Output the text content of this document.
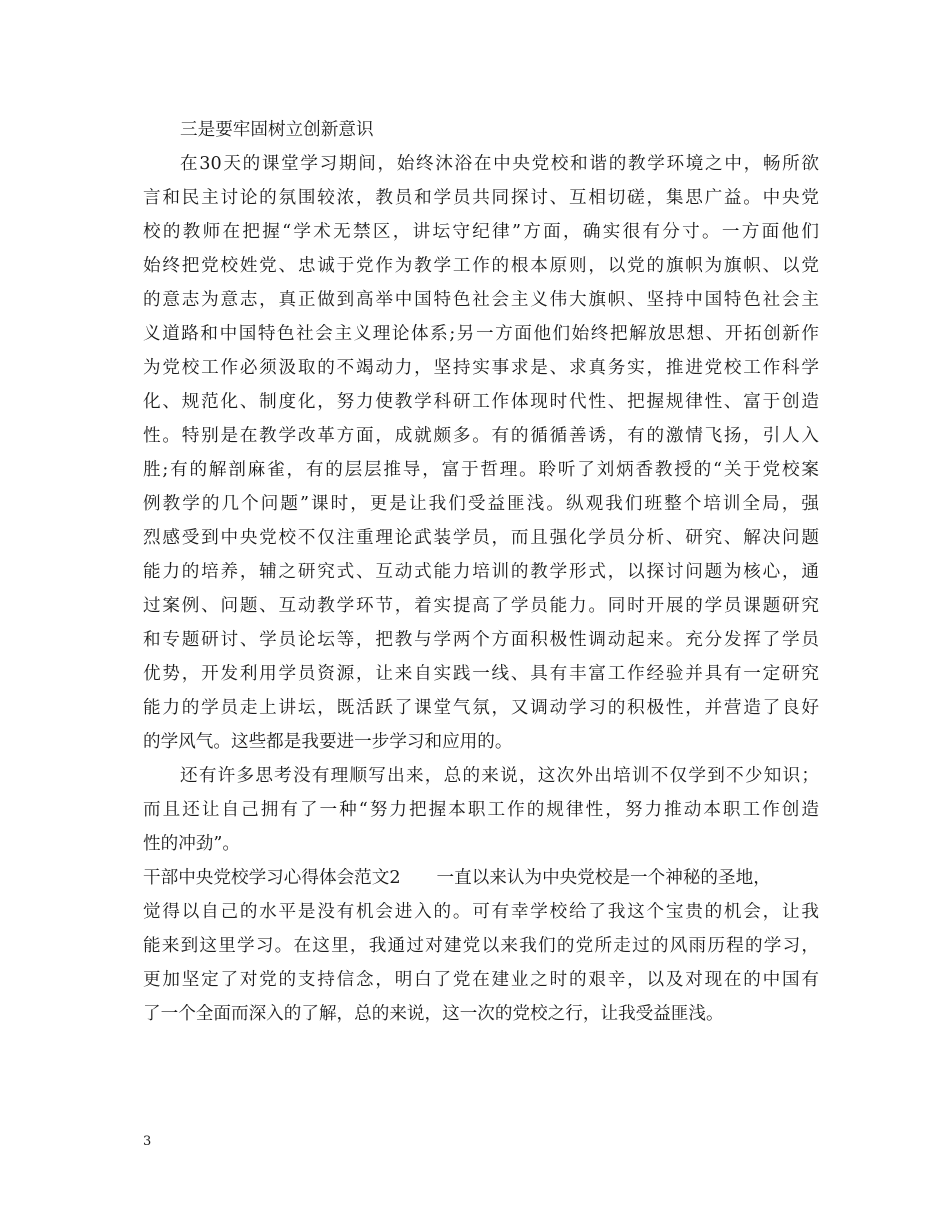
三是要牢固树立创新意识
在30天的课堂学习期间，始终沐浴在中央党校和谐的教学环境之中，畅所欲
言和民主讨论的氛围较浓，教员和学员共同探讨、互相切磋，集思广益。中央党
校的教师在把握“学术无禁区，讲坛守纪律”方面，确实很有分寸。一方面他们
始终把党校姓党、忠诚于党作为教学工作的根本原则，以党的旗帜为旗帜、以党
的意志为意志，真正做到高举中国特色社会主义伟大旗帜、坚持中国特色社会主
义道路和中国特色社会主义理论体系;另一方面他们始终把解放思想、开拓创新作
为党校工作必须汲取的不竭动力，坚持实事求是、求真务实，推进党校工作科学
化、规范化、制度化，努力使教学科研工作体现时代性、把握规律性、富于创造
性。特别是在教学改革方面，成就颇多。有的循循善诱，有的激情飞扬，引人入
胜;有的解剖麻雀，有的层层推导，富于哲理。聆听了刘炳香教授的“关于党校案
例教学的几个问题”课时，更是让我们受益匪浅。纵观我们班整个培训全局，强
烈感受到中央党校不仅注重理论武装学员，而且强化学员分析、研究、解决问题
能力的培养，辅之研究式、互动式能力培训的教学形式，以探讨问题为核心，通
过案例、问题、互动教学环节，着实提高了学员能力。同时开展的学员课题研究
和专题研讨、学员论坛等，把教与学两个方面积极性调动起来。充分发挥了学员
优势，开发利用学员资源，让来自实践一线、具有丰富工作经验并具有一定研究
能力的学员走上讲坛，既活跃了课堂气氛，又调动学习的积极性，并营造了良好
的学风气。这些都是我要进一步学习和应用的。
还有许多思考没有理顺写出来，总的来说，这次外出培训不仅学到不少知识；
而且还让自己拥有了一种“努力把握本职工作的规律性，努力推动本职工作创造
性的冲劲”。
干部中央党校学习心得体会范文2 一直以来认为中央党校是一个神秘的圣地，
觉得以自己的水平是没有机会进入的。可有幸学校给了我这个宝贵的机会，让我
能来到这里学习。在这里，我通过对建党以来我们的党所走过的风雨历程的学习，
更加坚定了对党的支持信念，明白了党在建业之时的艰辛，以及对现在的中国有
了一个全面而深入的了解，总的来说，这一次的党校之行，让我受益匪浅。
3
